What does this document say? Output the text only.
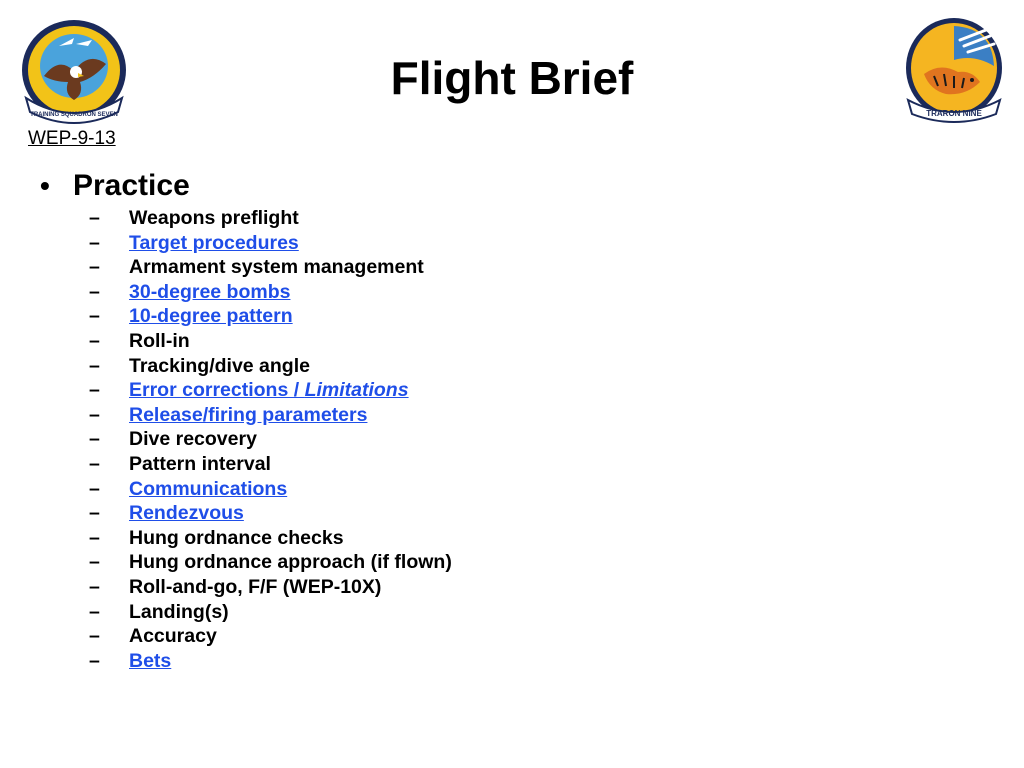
TRAINING SQUADRON SEVEN	TRARON NINE
Flight Brief
WEP-9-13
• Practice
–	Weapons preflight
–	Target procedures
–	Armament system management
–	30-degree bombs
–	10-degree pattern
–	Roll-in
–	Tracking/dive angle
–	Error corrections / Limitations
–	Release/firing parameters
–	Dive recovery
–	Pattern interval
–	Communications
–	Rendezvous
–	Hung ordnance checks
–	Hung ordnance approach (if flown)
–	Roll-and-go, F/F (WEP-10X)
–	Landing(s)
–	Accuracy
–	Bets
